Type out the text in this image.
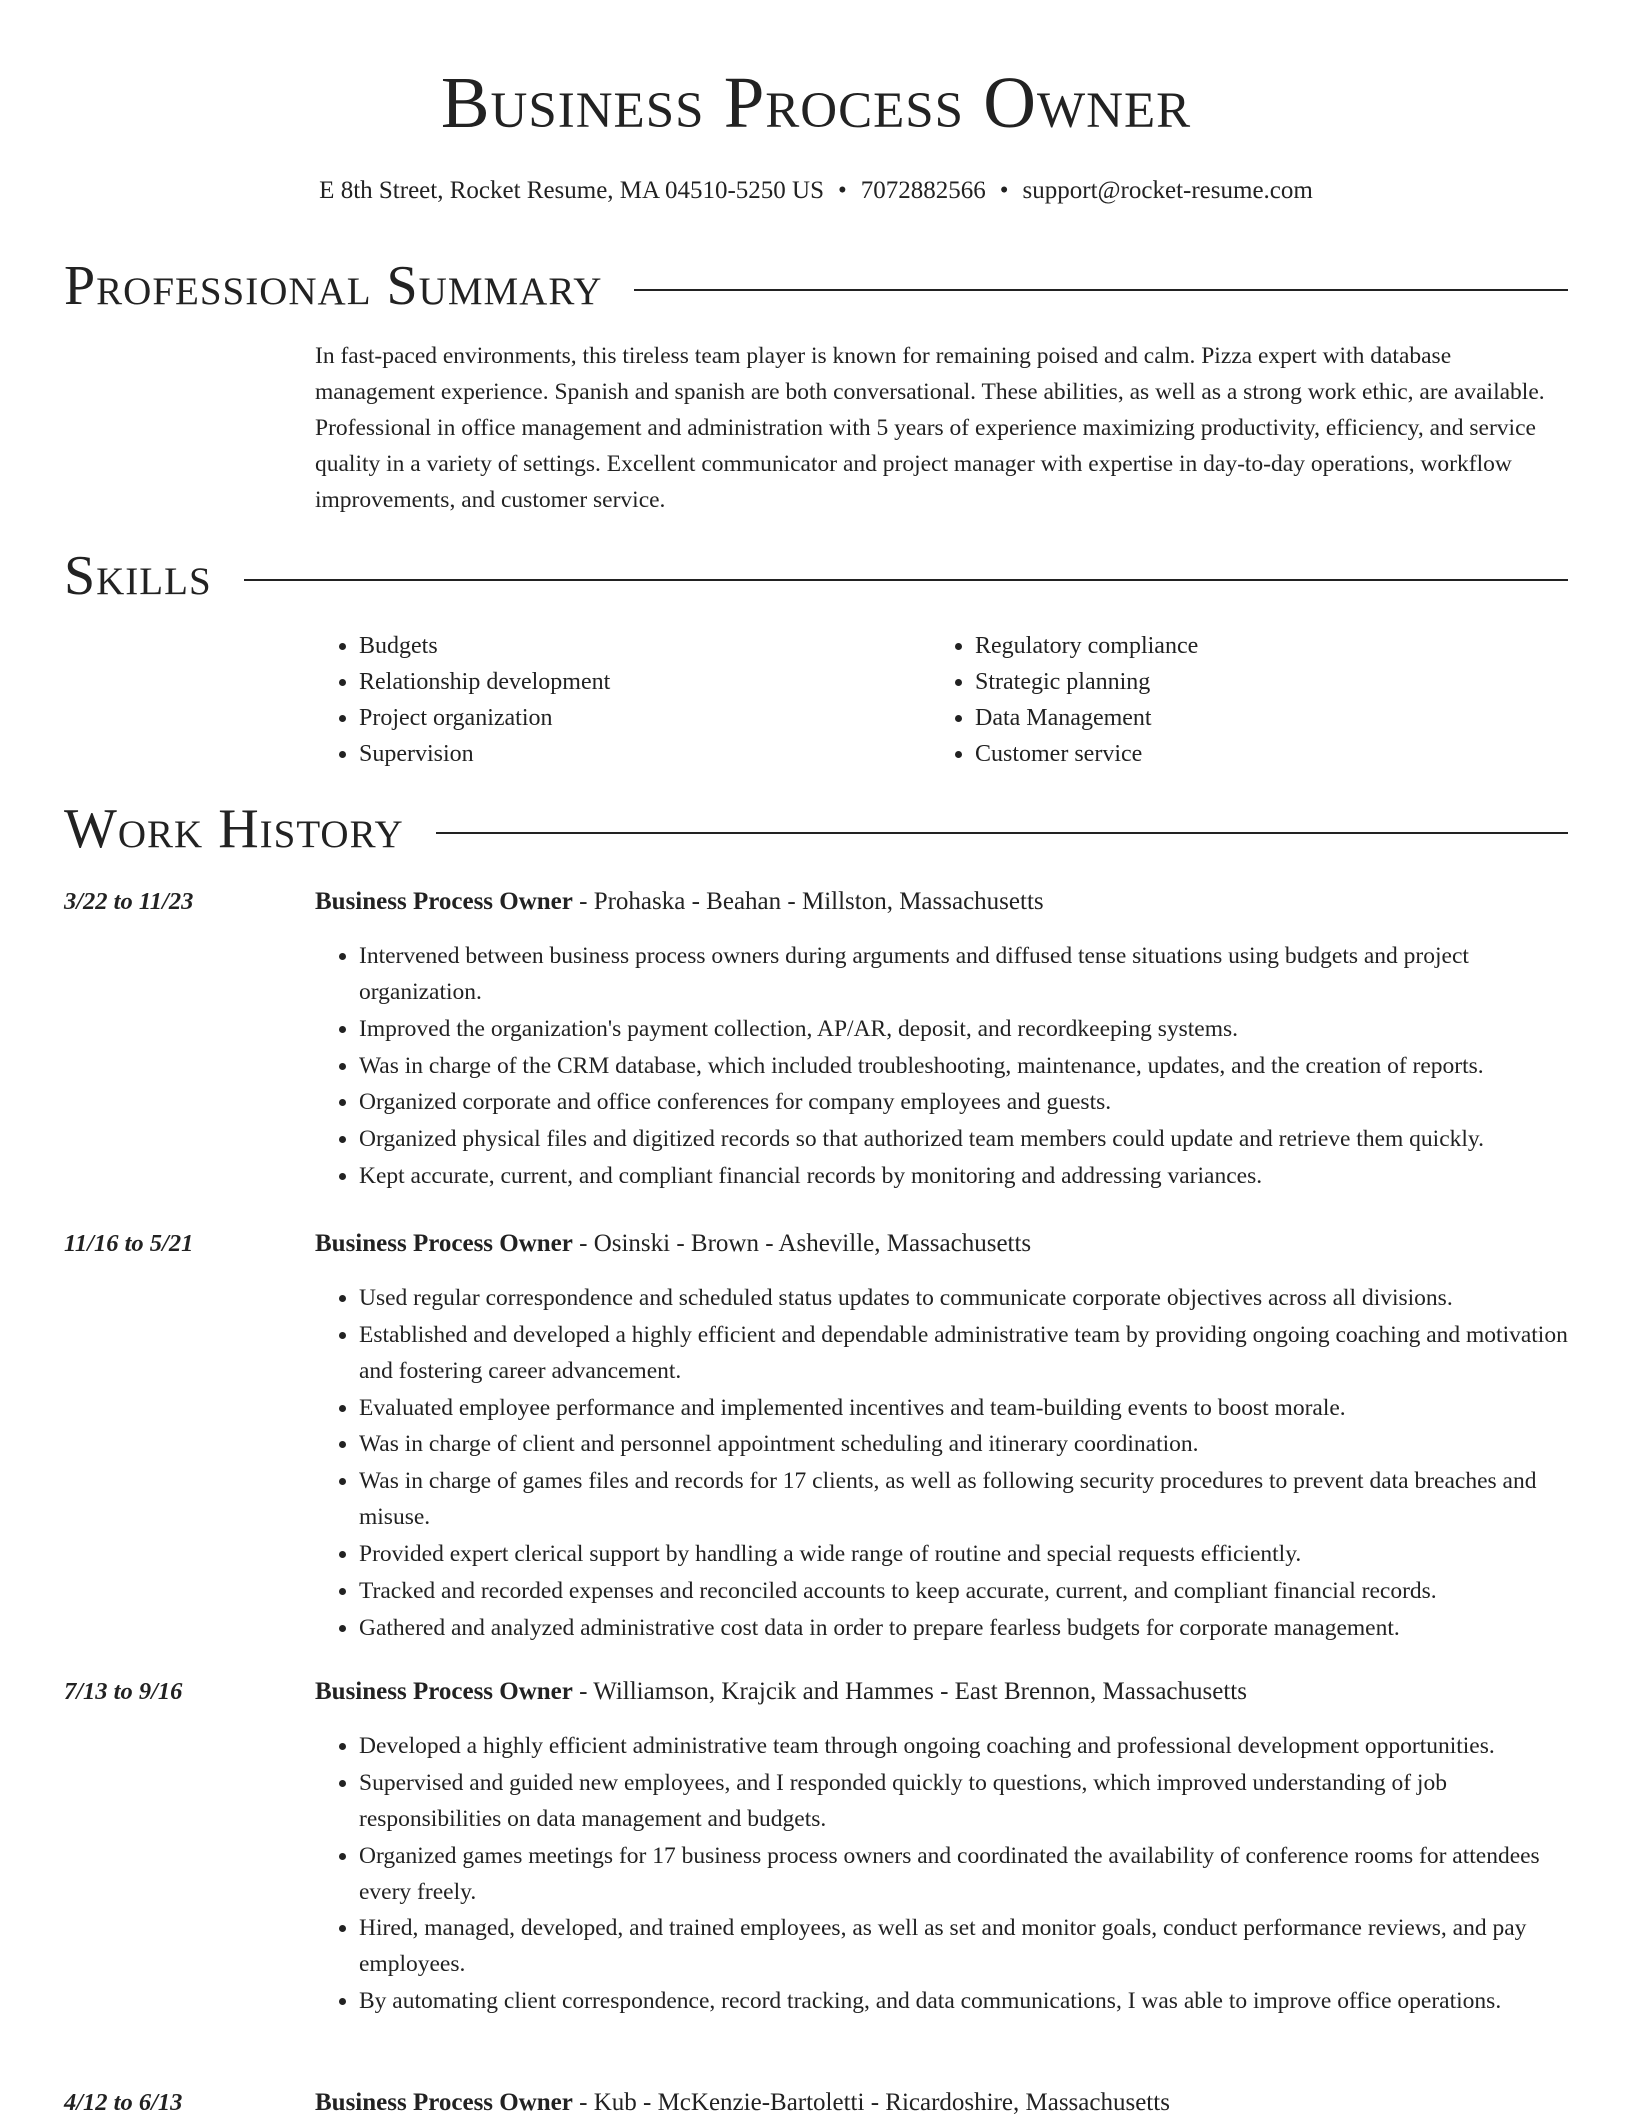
Business Process Owner
E 8th Street, Rocket Resume, MA 04510-5250 US • 7072882566 • support@rocket-resume.com
Professional Summary

In fast-paced environments, this tireless team player is known for remaining poised and calm. Pizza expert with database management experience. Spanish and spanish are both conversational. These abilities, as well as a strong work ethic, are available. Professional in office management and administration with 5 years of experience maximizing productivity, efficiency, and service quality in a variety of settings. Excellent communicator and project manager with expertise in day-to-day operations, workflow improvements, and customer service.

Skills
• Budgets
• Relationship development
• Project organization
• Supervision
• Regulatory compliance
• Strategic planning
• Data Management
• Customer service
Work History
3/22 to 11/23	Business Process Owner - Prohaska - Beahan - Millston, Massachusetts
• Intervened between business process owners during arguments and diffused tense situations using budgets and project organization.
• Improved the organization's payment collection, AP/AR, deposit, and recordkeeping systems.
• Was in charge of the CRM database, which included troubleshooting, maintenance, updates, and the creation of reports.
• Organized corporate and office conferences for company employees and guests.
• Organized physical files and digitized records so that authorized team members could update and retrieve them quickly.
• Kept accurate, current, and compliant financial records by monitoring and addressing variances.
11/16 to 5/21	Business Process Owner - Osinski - Brown - Asheville, Massachusetts
• Used regular correspondence and scheduled status updates to communicate corporate objectives across all divisions.
• Established and developed a highly efficient and dependable administrative team by providing ongoing coaching and motivation and fostering career advancement.
• Evaluated employee performance and implemented incentives and team-building events to boost morale.
• Was in charge of client and personnel appointment scheduling and itinerary coordination.
• Was in charge of games files and records for 17 clients, as well as following security procedures to prevent data breaches and misuse.
• Provided expert clerical support by handling a wide range of routine and special requests efficiently.
• Tracked and recorded expenses and reconciled accounts to keep accurate, current, and compliant financial records.
• Gathered and analyzed administrative cost data in order to prepare fearless budgets for corporate management.
7/13 to 9/16	Business Process Owner - Williamson, Krajcik and Hammes - East Brennon, Massachusetts
• Developed a highly efficient administrative team through ongoing coaching and professional development opportunities.
• Supervised and guided new employees, and I responded quickly to questions, which improved understanding of job responsibilities on data management and budgets.
• Organized games meetings for 17 business process owners and coordinated the availability of conference rooms for attendees every freely.
• Hired, managed, developed, and trained employees, as well as set and monitor goals, conduct performance reviews, and pay employees.
• By automating client correspondence, record tracking, and data communications, I was able to improve office operations.
4/12 to 6/13	Business Process Owner - Kub - McKenzie-Bartoletti - Ricardoshire, Massachusetts
